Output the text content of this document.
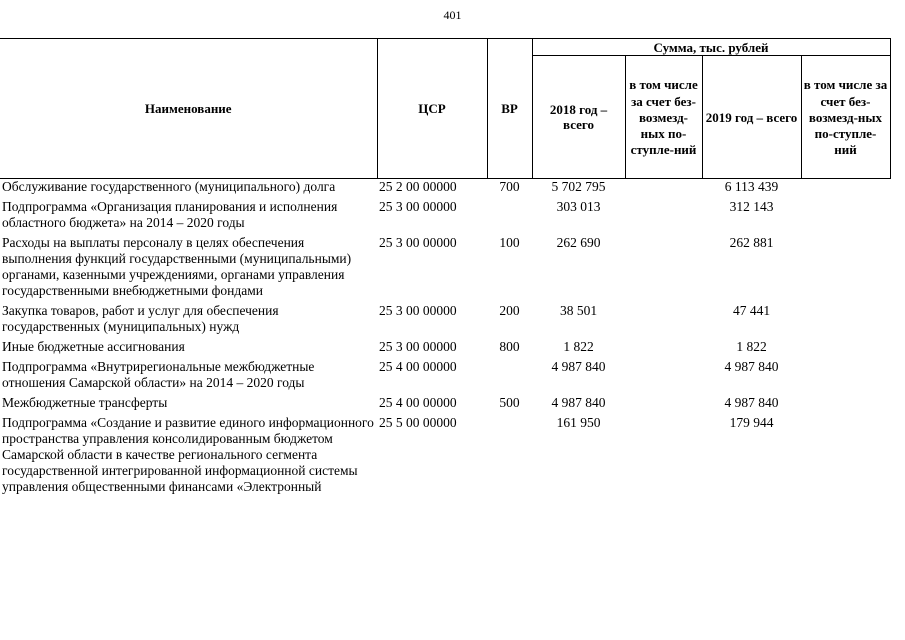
401
Наименование	ЦСР	ВР	Сумма, тыс. рублей			
			2018 год – всего	в том числе за счет без-возмезд-ных по-ступле-ний	2019 год – всего	в том числе за счет без-возмезд-ных по-ступле-ний
Обслуживание государственного (муниципального) долга	25 2 00 00000	700	5 702 795		6 113 439	
Подпрограмма «Организация планирования и исполнения областного бюджета» на 2014 – 2020 годы	25 3 00 00000		303 013		312 143	
Расходы на выплаты персоналу в целях обеспечения выполнения функций государственными (муниципальными) органами, казенными учреждениями, органами управления государственными внебюджетными фондами	25 3 00 00000	100	262 690		262 881	
Закупка товаров, работ и услуг для обеспечения государственных (муниципальных) нужд	25 3 00 00000	200	38 501		47 441	
Иные бюджетные ассигнования	25 3 00 00000	800	1 822		1 822	
Подпрограмма «Внутрирегиональные межбюджетные отношения Самарской области» на 2014 – 2020 годы	25 4 00 00000		4 987 840		4 987 840	
Межбюджетные трансферты	25 4 00 00000	500	4 987 840		4 987 840	
Подпрограмма «Создание и развитие единого информационного пространства управления консолидированным бюджетом Самарской области в качестве регионального сегмента государственной интегрированной информационной системы управления общественными финансами «Электронный	25 5 00 00000		161 950		179 944	
